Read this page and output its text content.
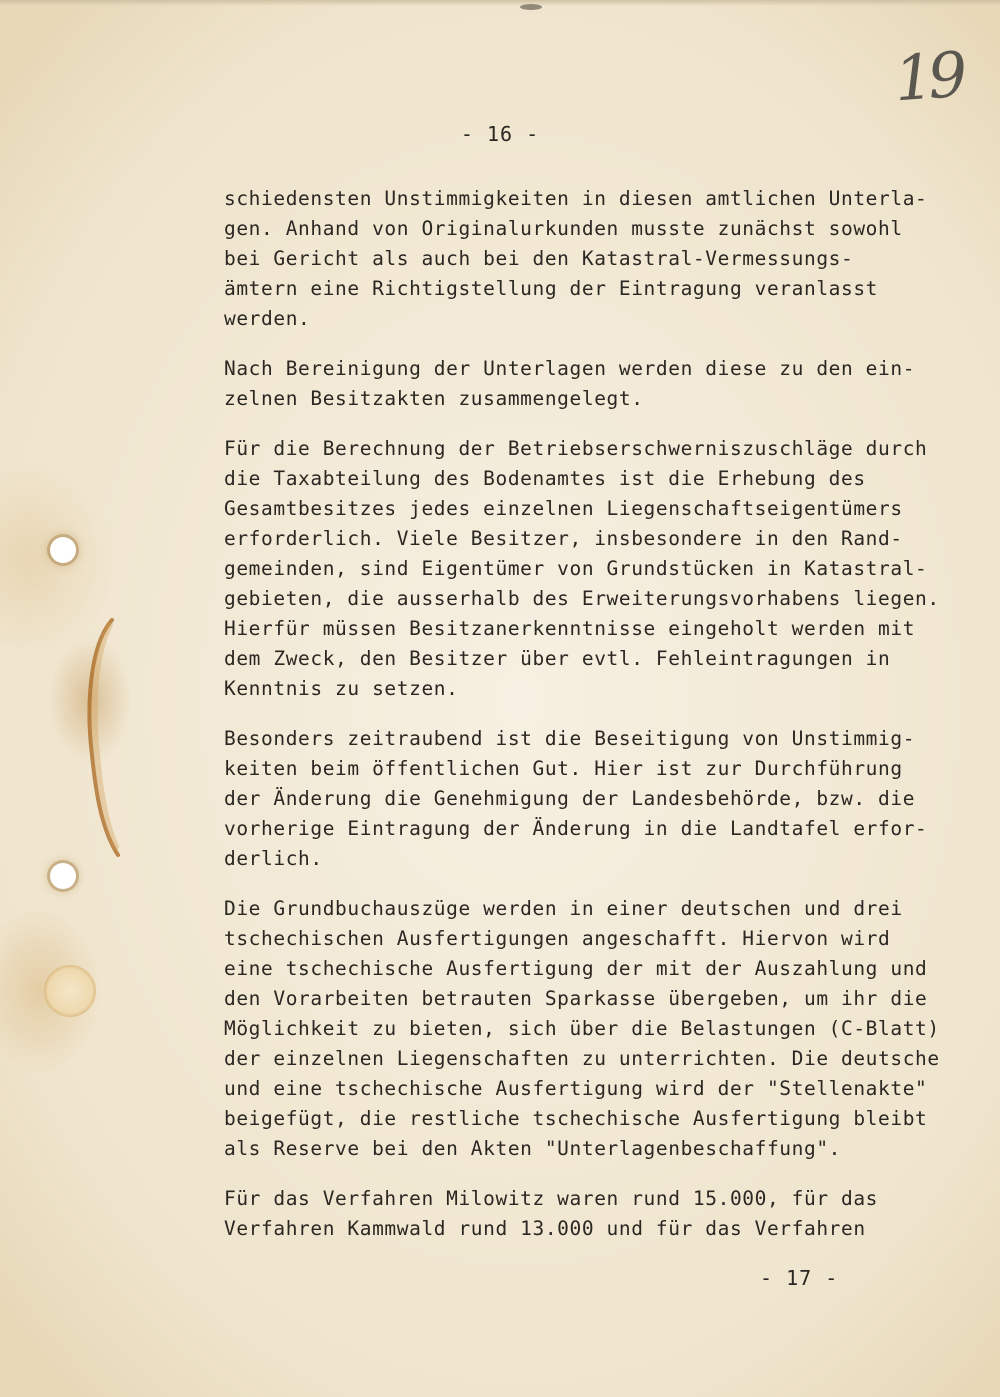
19
- 16 -
schiedensten Unstimmigkeiten in diesen amtlichen Unterla-
gen. Anhand von Originalurkunden musste zunächst sowohl
bei Gericht als auch bei den Katastral-Vermessungs-
ämtern eine Richtigstellung der Eintragung veranlasst
werden.
Nach Bereinigung der Unterlagen werden diese zu den ein-
zelnen Besitzakten zusammengelegt.
Für die Berechnung der Betriebserschwerniszuschläge durch
die Taxabteilung des Bodenamtes ist die Erhebung des
Gesamtbesitzes jedes einzelnen Liegenschaftseigentümers
erforderlich. Viele Besitzer, insbesondere in den Rand-
gemeinden, sind Eigentümer von Grundstücken in Katastral-
gebieten, die ausserhalb des Erweiterungsvorhabens liegen.
Hierfür müssen Besitzanerkenntnisse eingeholt werden mit
dem Zweck, den Besitzer über evtl. Fehleintragungen in
Kenntnis zu setzen.
Besonders zeitraubend ist die Beseitigung von Unstimmig-
keiten beim öffentlichen Gut. Hier ist zur Durchführung
der Änderung die Genehmigung der Landesbehörde, bzw. die
vorherige Eintragung der Änderung in die Landtafel erfor-
derlich.
Die Grundbuchauszüge werden in einer deutschen und drei
tschechischen Ausfertigungen angeschafft. Hiervon wird
eine tschechische Ausfertigung der mit der Auszahlung und
den Vorarbeiten betrauten Sparkasse übergeben, um ihr die
Möglichkeit zu bieten, sich über die Belastungen (C-Blatt)
der einzelnen Liegenschaften zu unterrichten. Die deutsche
und eine tschechische Ausfertigung wird der "Stellenakte"
beigefügt, die restliche tschechische Ausfertigung bleibt
als Reserve bei den Akten "Unterlagenbeschaffung".
Für das Verfahren Milowitz waren rund 15.000, für das
Verfahren Kammwald rund 13.000 und für das Verfahren
- 17 -
